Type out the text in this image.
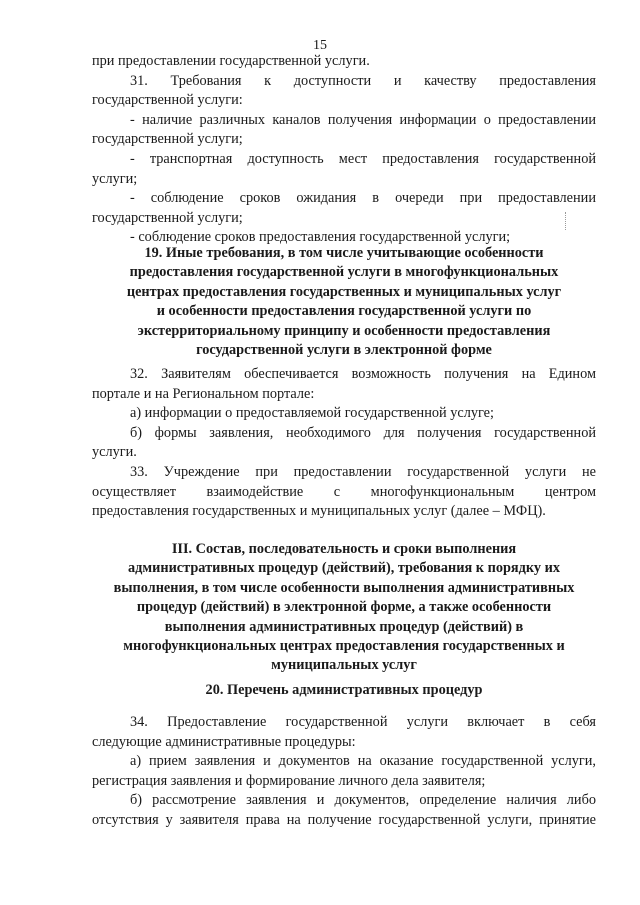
15

при предоставлении государственной услуги.

31. Требования к доступности и качеству предоставления

государственной услуги:

- наличие различных каналов получения информации о предоставлении

государственной услуги;

- транспортная доступность мест предоставления государственной

услуги;

- соблюдение сроков ожидания в очереди при предоставлении

государственной услуги;

- соблюдение сроков предоставления государственной услуги;

19. Иные требования, в том числе учитывающие особенности
предоставления государственной услуги в многофункциональных
центрах предоставления государственных и муниципальных услуг
и особенности предоставления государственной услуги по
экстерриториальному принципу и особенности предоставления
государственной услуги в электронной форме

32. Заявителям обеспечивается возможность получения на Едином

портале и на Региональном портале:

а) информации о предоставляемой государственной услуге;

б) формы заявления, необходимого для получения государственной

услуги.

33. Учреждение при предоставлении государственной услуги не

осуществляет взаимодействие с многофункциональным центром

предоставления государственных и муниципальных услуг (далее – МФЦ).

III. Состав, последовательность и сроки выполнения
административных процедур (действий), требования к порядку их
выполнения, в том числе особенности выполнения административных
процедур (действий) в электронной форме, а также особенности
выполнения административных процедур (действий) в
многофункциональных центрах предоставления государственных и
муниципальных услуг
20. Перечень административных процедур

34. Предоставление государственной услуги включает в себя

следующие административные процедуры:

а) прием заявления и документов на оказание государственной услуги,

регистрация заявления и формирование личного дела заявителя;

б) рассмотрение заявления и документов, определение наличия либо

отсутствия у заявителя права на получение государственной услуги, принятие
